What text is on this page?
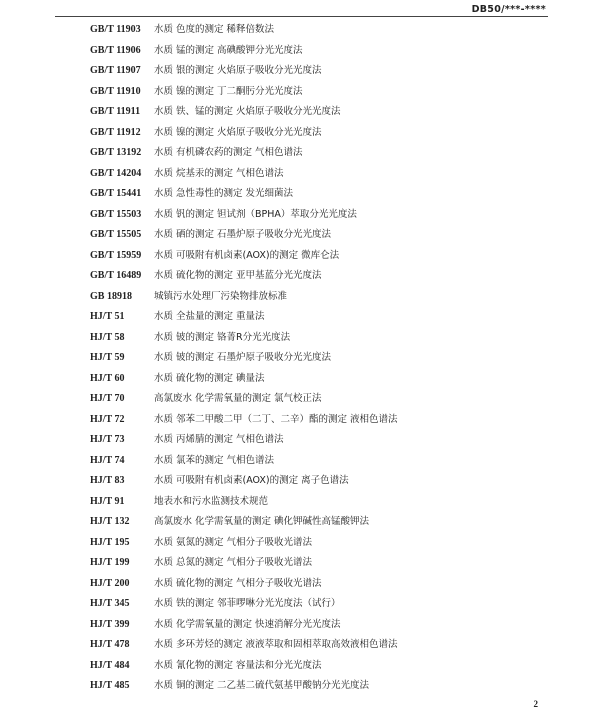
DB50/***-****
GB/T 11903	水质 色度的测定 稀释倍数法
GB/T 11906	水质 锰的测定 高碘酸钾分光光度法
GB/T 11907	水质 银的测定 火焰原子吸收分光光度法
GB/T 11910	水质 镍的测定 丁二酮肟分光光度法
GB/T 11911	水质 铁、锰的测定 火焰原子吸收分光光度法
GB/T 11912	水质 镍的测定 火焰原子吸收分光光度法
GB/T 13192	水质 有机磷农药的测定 气相色谱法
GB/T 14204	水质 烷基汞的测定 气相色谱法
GB/T 15441	水质 急性毒性的测定 发光细菌法
GB/T 15503	水质 钒的测定 钽试剂（BPHA）萃取分光光度法
GB/T 15505	水质 硒的测定 石墨炉原子吸收分光光度法
GB/T 15959	水质 可吸附有机卤素(AOX)的测定 微库仑法
GB/T 16489	水质 硫化物的测定 亚甲基蓝分光光度法
GB 18918	城镇污水处理厂污染物排放标准
HJ/T 51	水质 全盐量的测定 重量法
HJ/T 58	水质 铍的测定 铬菁R分光光度法
HJ/T 59	水质 铍的测定 石墨炉原子吸收分光光度法
HJ/T 60	水质 硫化物的测定 碘量法
HJ/T 70	高氯废水 化学需氧量的测定 氯气校正法
HJ/T 72	水质 邻苯二甲酸二甲（二丁、二辛）酯的测定 液相色谱法
HJ/T 73	水质 丙烯腈的测定 气相色谱法
HJ/T 74	水质 氯苯的测定 气相色谱法
HJ/T 83	水质 可吸附有机卤素(AOX)的测定 离子色谱法
HJ/T 91	地表水和污水监测技术规范
HJ/T 132	高氯废水 化学需氧量的测定 碘化钾碱性高锰酸钾法
HJ/T 195	水质 氨氮的测定 气相分子吸收光谱法
HJ/T 199	水质 总氮的测定 气相分子吸收光谱法
HJ/T 200	水质 硫化物的测定 气相分子吸收光谱法
HJ/T 345	水质 铁的测定 邻菲啰啉分光光度法（试行）
HJ/T 399	水质 化学需氧量的测定 快速消解分光光度法
HJ/T 478	水质 多环芳烃的测定 液液萃取和固相萃取高效液相色谱法
HJ/T 484	水质 氰化物的测定 容量法和分光光度法
HJ/T 485	水质 铜的测定 二乙基二硫代氨基甲酸钠分光光度法
2
